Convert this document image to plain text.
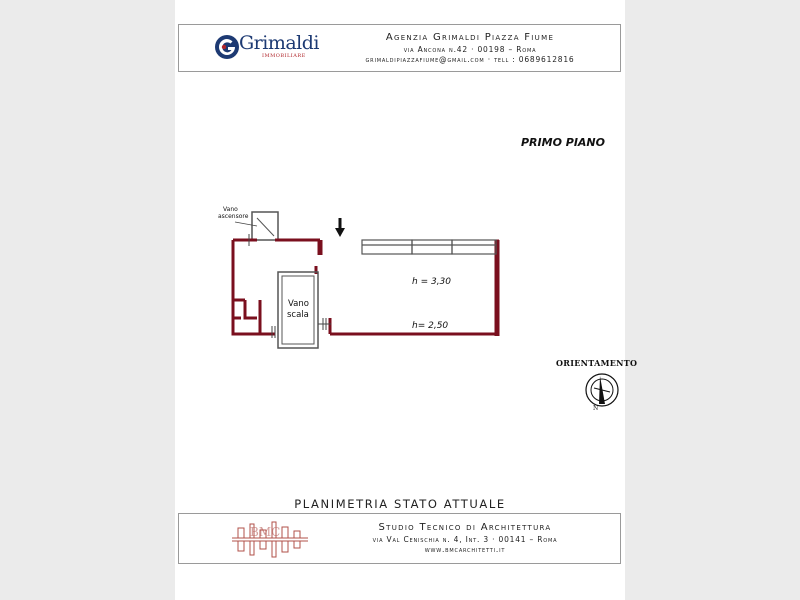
Grimaldi
IMMOBILIARE
Agenzia Grimaldi Piazza Fiume
via Ancona n.42 · 00198 – Roma
grimaldipiazzafiume@gmail.com · tell : 0689612816
PRIMO PIANO
N
Vano
ascensore
Vano
scala
h = 3,30
h= 2,50
ORIENTAMENTO
PLANIMETRIA STATO ATTUALE
BMC	Studio Tecnico di Architettura
via Val Cenischia n. 4, Int. 3 · 00141 – Roma
www.bmcarchitetti.it
